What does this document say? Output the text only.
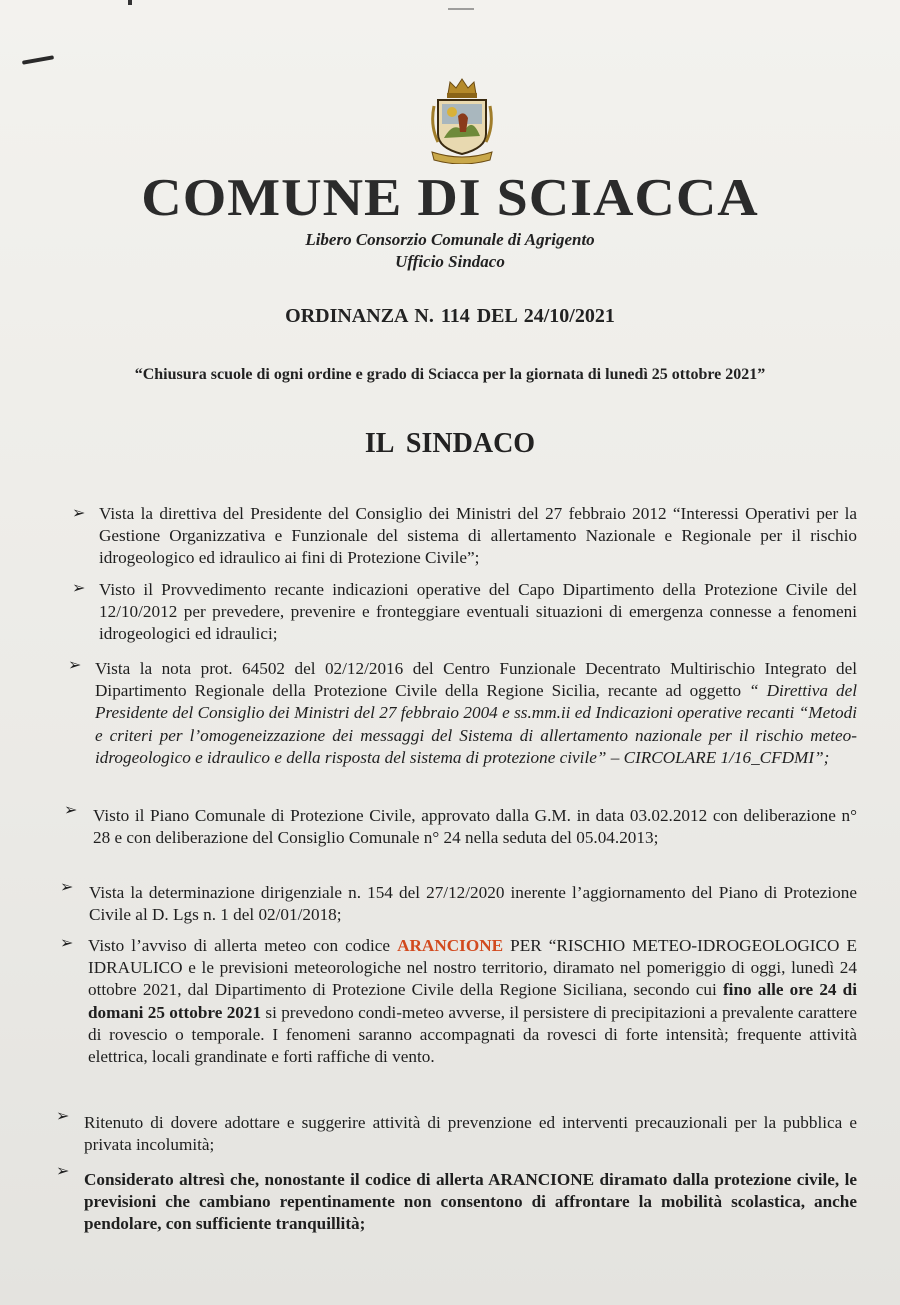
COMUNE DI SCIACCA
Libero Consorzio Comunale di Agrigento
Ufficio Sindaco
ORDINANZA N. 114 DEL 24/10/2021
“Chiusura scuole di ogni ordine e grado di Sciacca per la giornata di lunedì 25 ottobre 2021”
IL SINDACO
➢ Vista la direttiva del Presidente del Consiglio dei Ministri del 27 febbraio 2012 “Interessi Operativi per la Gestione Organizzativa e Funzionale del sistema di allertamento Nazionale e Regionale per il rischio idrogeologico ed idraulico ai fini di Protezione Civile”;
➢ Visto il Provvedimento recante indicazioni operative del Capo Dipartimento della Protezione Civile del 12/10/2012 per prevedere, prevenire e fronteggiare eventuali situazioni di emergenza connesse a fenomeni idrogeologici ed idraulici;
➢ Vista la nota prot. 64502 del 02/12/2016 del Centro Funzionale Decentrato Multirischio Integrato del Dipartimento Regionale della Protezione Civile della Regione Sicilia, recante ad oggetto “ Direttiva del Presidente del Consiglio dei Ministri del 27 febbraio 2004 e ss.mm.ii ed Indicazioni operative recanti “Metodi e criteri per l’omogeneizzazione dei messaggi del Sistema di allertamento nazionale per il rischio meteo-idrogeologico e idraulico e della risposta del sistema di protezione civile” – CIRCOLARE 1/16_CFDMI”;
➢ Visto il Piano Comunale di Protezione Civile, approvato dalla G.M. in data 03.02.2012 con deliberazione n° 28 e con deliberazione del Consiglio Comunale n° 24 nella seduta del 05.04.2013;
➢ Vista la determinazione dirigenziale n. 154 del 27/12/2020 inerente l’aggiornamento del Piano di Protezione Civile al D. Lgs n. 1 del 02/01/2018;
➢ Visto l’avviso di allerta meteo con codice ARANCIONE PER “RISCHIO METEO-IDROGEOLOGICO E IDRAULICO e le previsioni meteorologiche nel nostro territorio, diramato nel pomeriggio di oggi, lunedì 24 ottobre 2021, dal Dipartimento di Protezione Civile della Regione Siciliana, secondo cui fino alle ore 24 di domani 25 ottobre 2021 si prevedono condi-meteo avverse, il persistere di precipitazioni a prevalente carattere di rovescio o temporale. I fenomeni saranno accompagnati da rovesci di forte intensità; frequente attività elettrica, locali grandinate e forti raffiche di vento.
➢ Ritenuto di dovere adottare e suggerire attività di prevenzione ed interventi precauzionali per la pubblica e privata incolumità;
➢ Considerato altresì che, nonostante il codice di allerta ARANCIONE diramato dalla protezione civile, le previsioni che cambiano repentinamente non consentono di affrontare la mobilità scolastica, anche pendolare, con sufficiente tranquillità;
